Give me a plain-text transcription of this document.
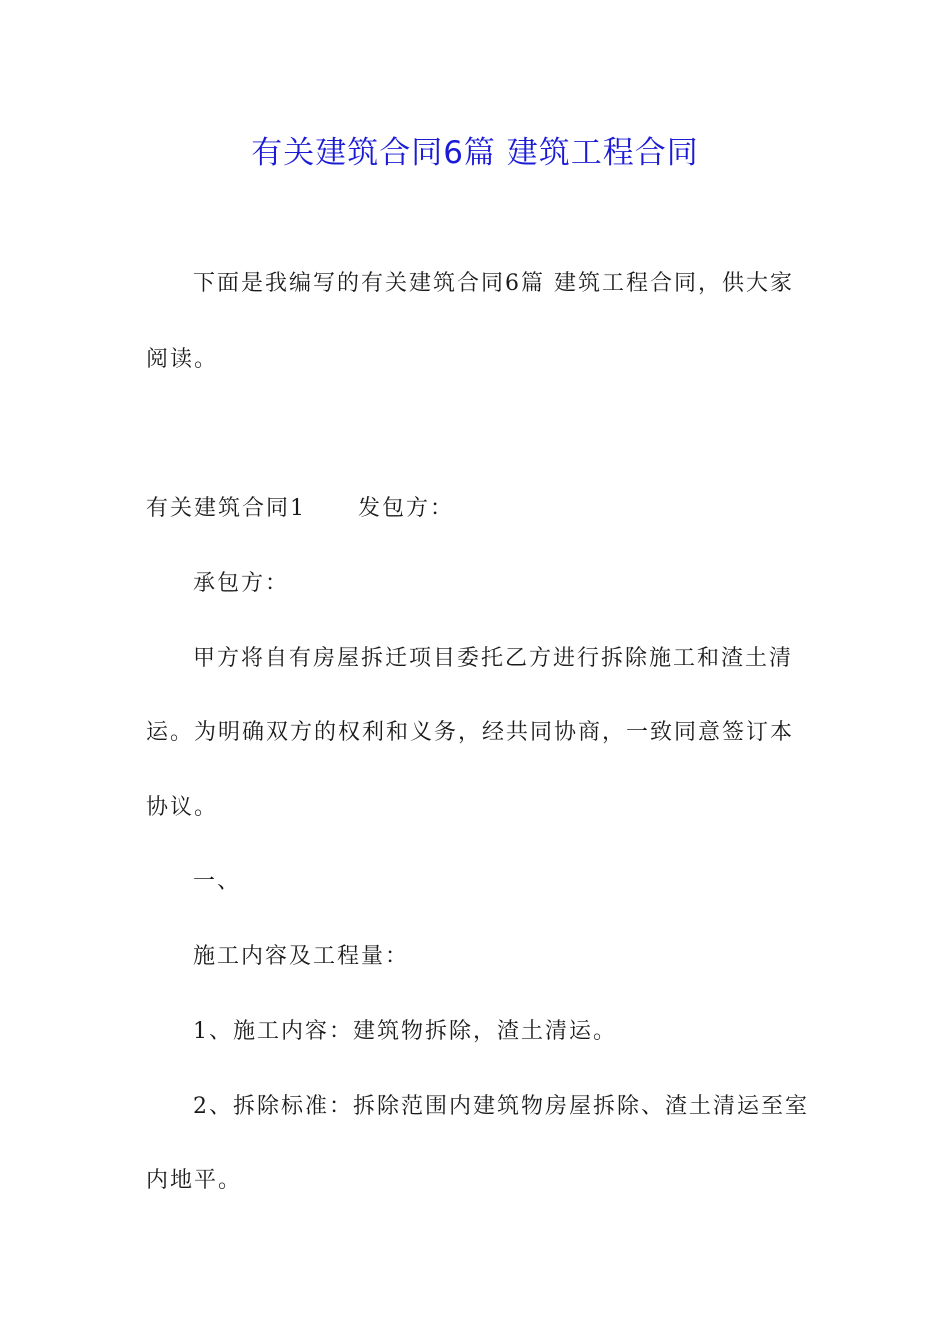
有关建筑合同6篇 建筑工程合同
下面是我编写的有关建筑合同6篇 建筑工程合同，供大家
阅读。
有关建筑合同1 发包方：
承包方：
甲方将自有房屋拆迁项目委托乙方进行拆除施工和渣土清
运。为明确双方的权利和义务，经共同协商，一致同意签订本
协议。
一、
施工内容及工程量：
1、施工内容：建筑物拆除，渣土清运。
2、拆除标准：拆除范围内建筑物房屋拆除、渣土清运至室
内地平。
